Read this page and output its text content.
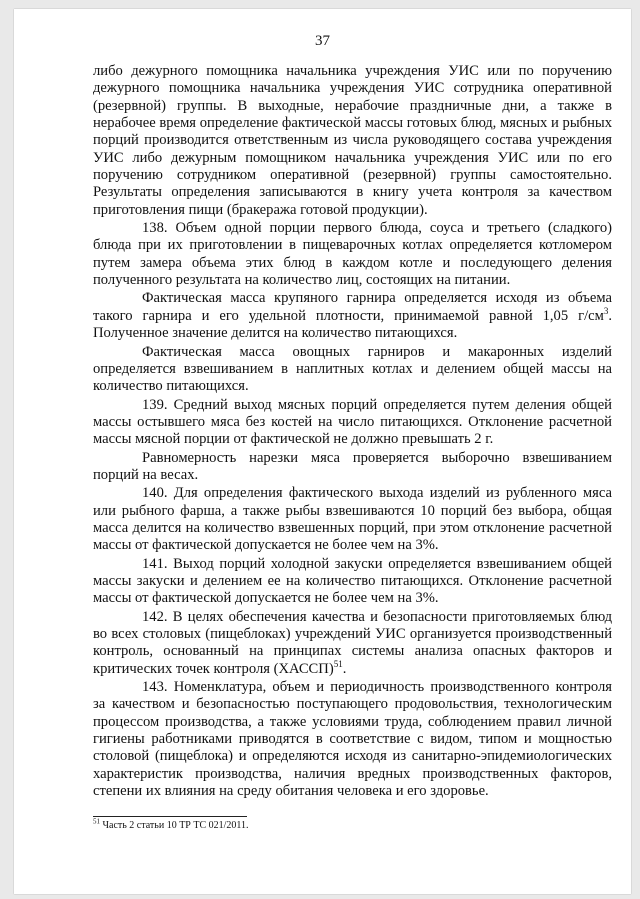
37

либо дежурного помощника начальника учреждения УИС или по поручению дежурного помощника начальника учреждения УИС сотрудника оперативной (резервной) группы. В выходные, нерабочие праздничные дни, а также в нерабочее время определение фактической массы готовых блюд, мясных и рыбных порций производится ответственным из числа руководящего состава учреждения УИС либо дежурным помощником начальника учреждения УИС или по его поручению сотрудником оперативной (резервной) группы самостоятельно. Результаты определения записываются в книгу учета контроля за качеством приготовления пищи (бракеража готовой продукции).

138. Объем одной порции первого блюда, соуса и третьего (сладкого) блюда при их приготовлении в пищеварочных котлах определяется котломером путем замера объема этих блюд в каждом котле и последующего деления полученного результата на количество лиц, состоящих на питании.

Фактическая масса крупяного гарнира определяется исходя из объема такого гарнира и его удельной плотности, принимаемой равной 1,05 $г/см^3$. Полученное значение делится на количество питающихся.

Фактическая масса овощных гарниров и макаронных изделий определяется взвешиванием в наплитных котлах и делением общей массы на количество питающихся.

139. Средний выход мясных порций определяется путем деления общей массы остывшего мяса без костей на число питающихся. Отклонение расчетной массы мясной порции от фактической не должно превышать 2 г.

Равномерность нарезки мяса проверяется выборочно взвешиванием порций на весах.

140. Для определения фактического выхода изделий из рубленного мяса или рыбного фарша, а также рыбы взвешиваются 10 порций без выбора, общая масса делится на количество взвешенных порций, при этом отклонение расчетной массы от фактической допускается не более чем на 3%.

141. Выход порций холодной закуски определяется взвешиванием общей массы закуски и делением ее на количество питающихся. Отклонение расчетной массы от фактической допускается не более чем на 3%.

142. В целях обеспечения качества и безопасности приготовляемых блюд во всех столовых (пищеблоках) учреждений УИС организуется производственный контроль, основанный на принципах системы анализа опасных факторов и критических точек контроля (ХАССП)$^{51}$.

143. Номенклатура, объем и периодичность производственного контроля за качеством и безопасностью поступающего продовольствия, технологическим процессом производства, а также условиями труда, соблюдением правил личной гигиены работниками приводятся в соответствие с видом, типом и мощностью столовой (пищеблока) и определяются исходя из санитарно-эпидемиологических характеристик производства, наличия вредных производственных факторов, степени их влияния на среду обитания человека и его здоровье.

$^{51}$ Часть 2 статьи 10 ТР ТС 021/2011.
